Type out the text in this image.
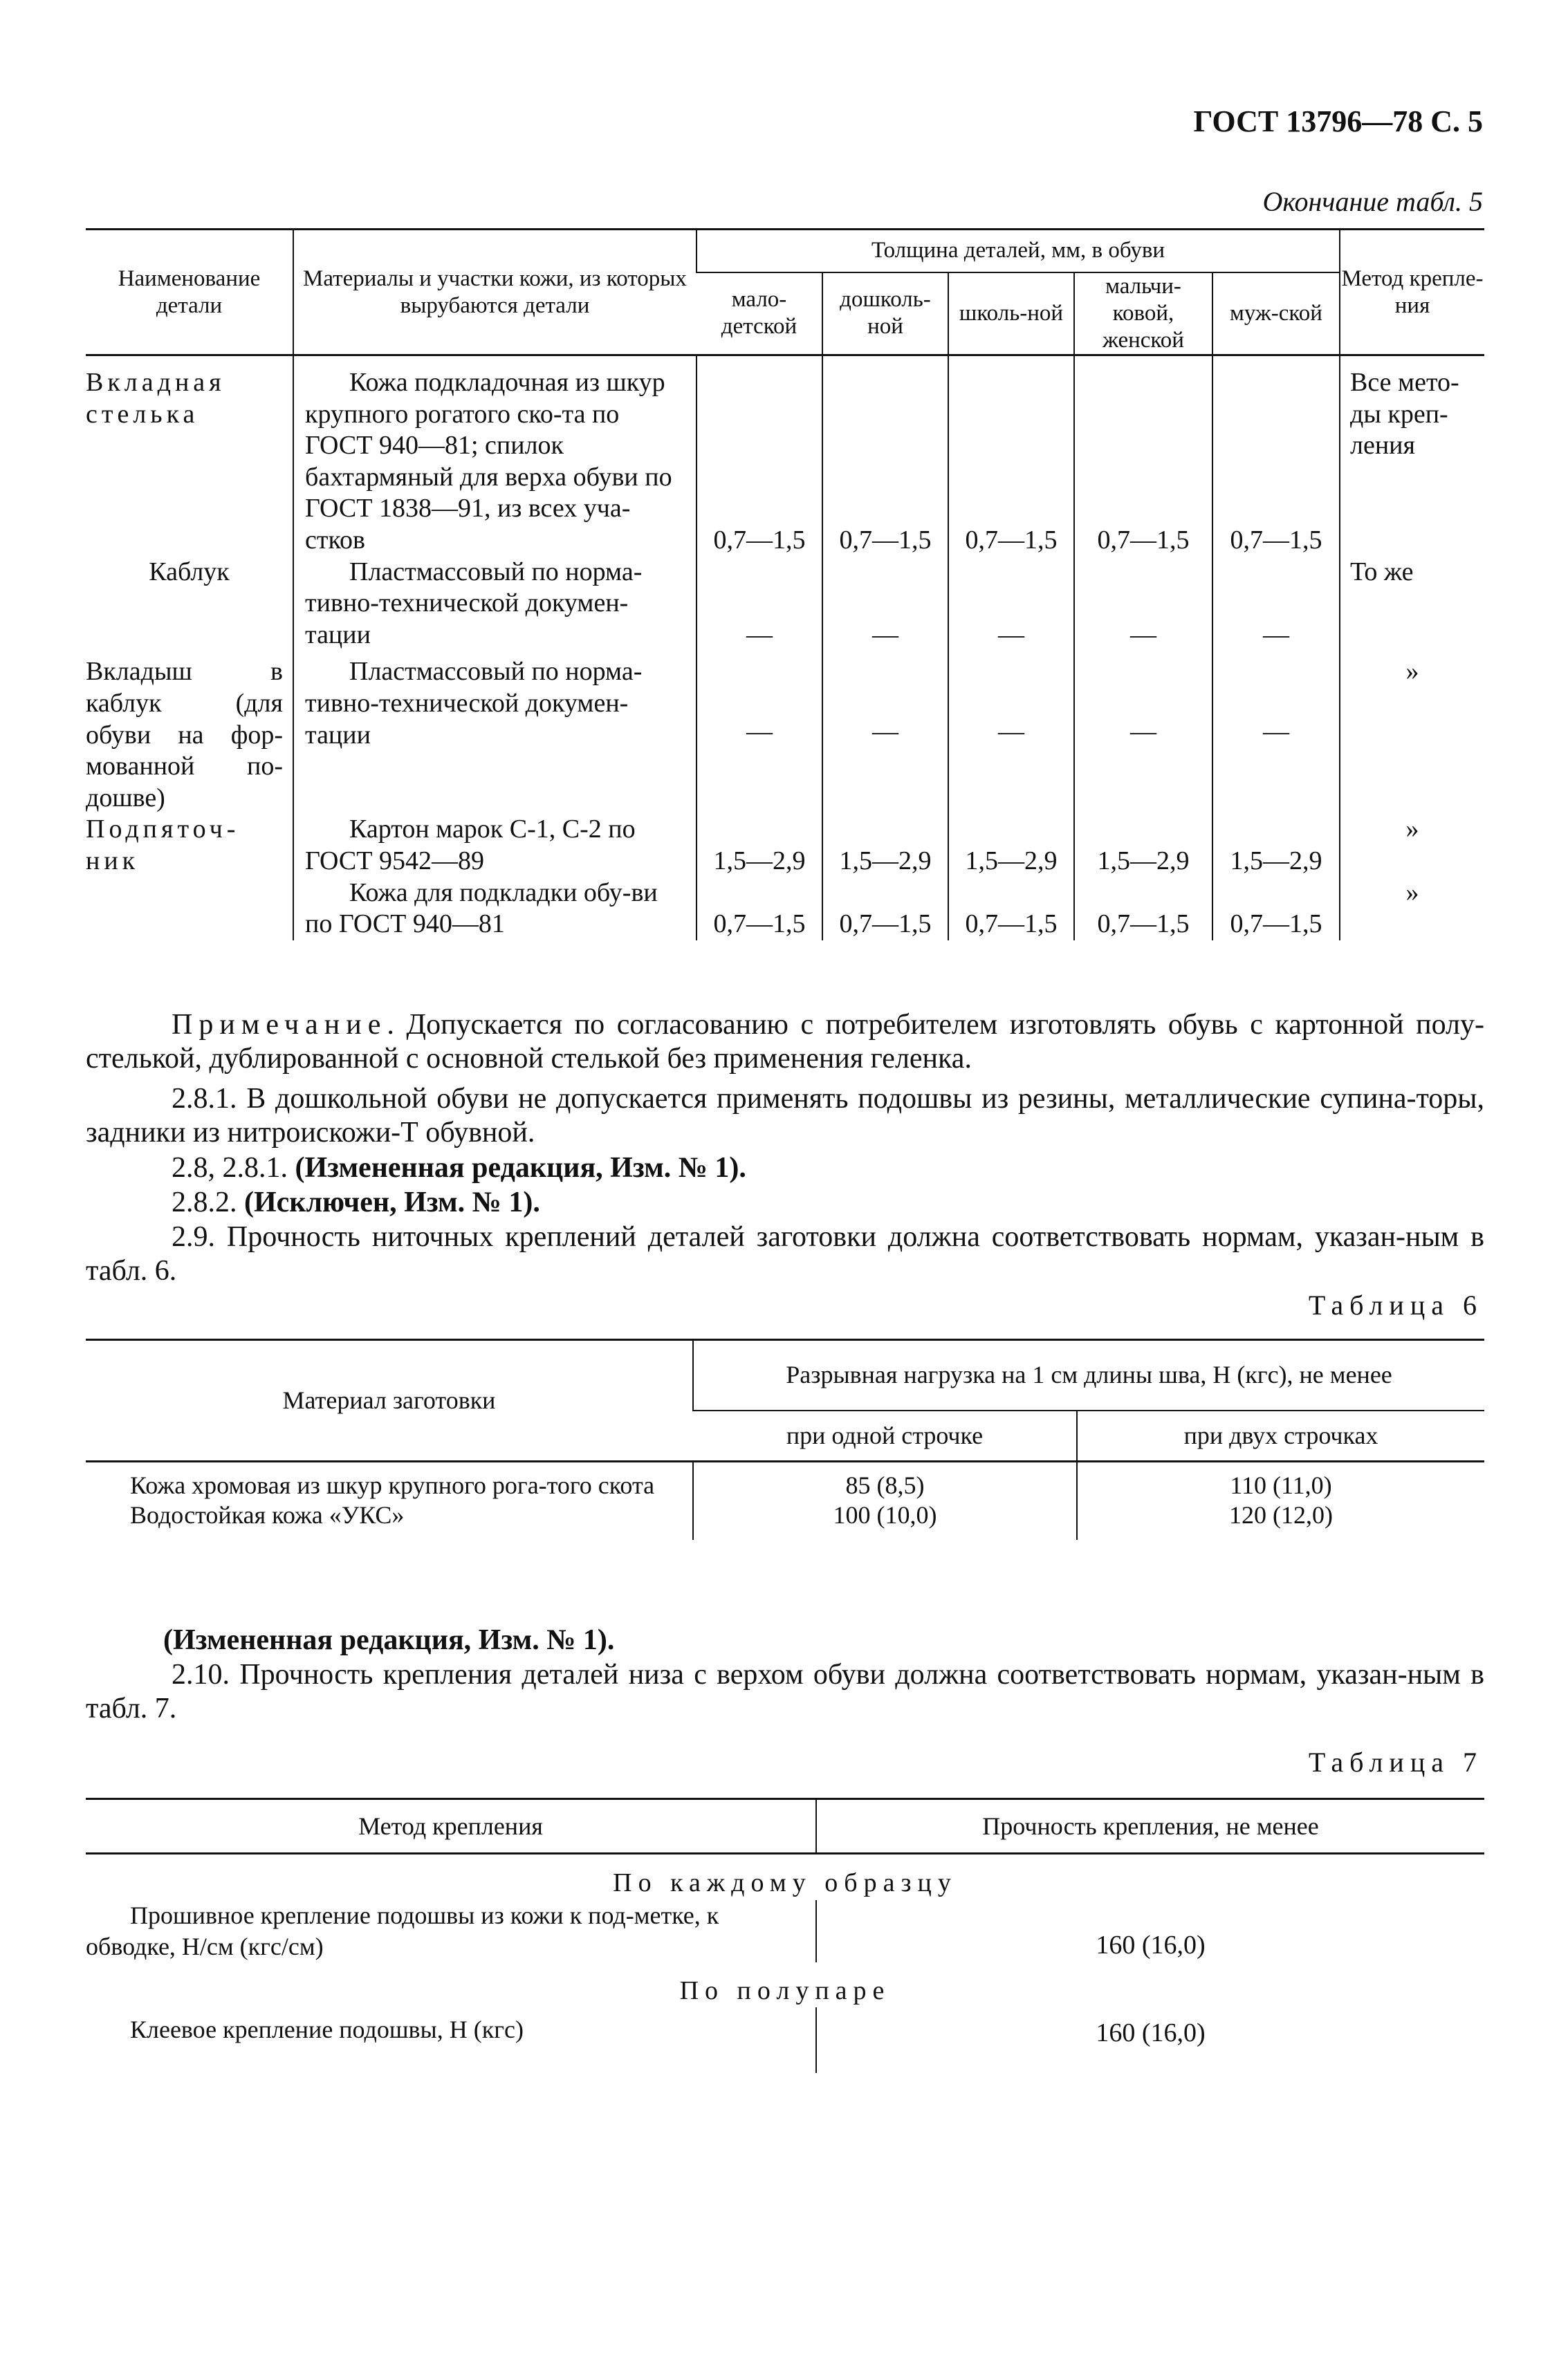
ГОСТ 13796—78 С. 5
Окончание табл. 5
Наименование детали	Материалы и участки кожи, из которых вырубаются детали	Толщина деталей, мм, в обуви					Метод крепле-ния
		мало-детской	дошколь-ной	школь-ной	мальчи-ковой, женской	муж-ской	
Вкладная стелька	Кожа подкладочная из шкур крупного рогатого ско-та по ГОСТ 940—81; спилок бахтармяный для верха обуви по ГОСТ 1838—91, из всех уча-стков	0,7—1,5	0,7—1,5	0,7—1,5	0,7—1,5	0,7—1,5	Все мето-ды креп-ления
Каблук	Пластмассовый по норма-тивно-технической докумен-тации	—	—	—	—	—	То же
Вкладыш в каблук (для обуви на фор-мованной по-дошве)	Пластмассовый по норма-тивно-технической докумен-тации	—	—	—	—	—	»
Подпяточ-ник	Картон марок С-1, С-2 по ГОСТ 9542—89	1,5—2,9	1,5—2,9	1,5—2,9	1,5—2,9	1,5—2,9	»
	Кожа для подкладки обу-ви по ГОСТ 940—81	0,7—1,5	0,7—1,5	0,7—1,5	0,7—1,5	0,7—1,5	»
Примечание. Допускается по согласованию с потребителем изготовлять обувь с картонной полу-стелькой, дублированной с основной стелькой без применения геленка.
2.8.1. В дошкольной обуви не допускается применять подошвы из резины, металлические супина-торы, задники из нитроискожи-Т обувной.
2.8, 2.8.1. (Измененная редакция, Изм. № 1).
2.8.2. (Исключен, Изм. № 1).
2.9. Прочность ниточных креплений деталей заготовки должна соответствовать нормам, указан-ным в табл. 6.
Таблица 6
Материал заготовки	Разрывная нагрузка на 1 см длины шва, Н (кгс), не менее	
	при одной строчке	при двух строчках
Кожа хромовая из шкур крупного рога-того скота	85 (8,5)	110 (11,0)
Водостойкая кожа «УКС»	100 (10,0)	120 (12,0)
(Измененная редакция, Изм. № 1).
2.10. Прочность крепления деталей низа с верхом обуви должна соответствовать нормам, указан-ным в табл. 7.
Таблица 7
Метод крепления	Прочность крепления, не менее
По каждому образцу	
Прошивное крепление подошвы из кожи к под-метке, к обводке, Н/см (кгс/см)	160 (16,0)
По полупаре	
Клеевое крепление подошвы, Н (кгс)	160 (16,0)
